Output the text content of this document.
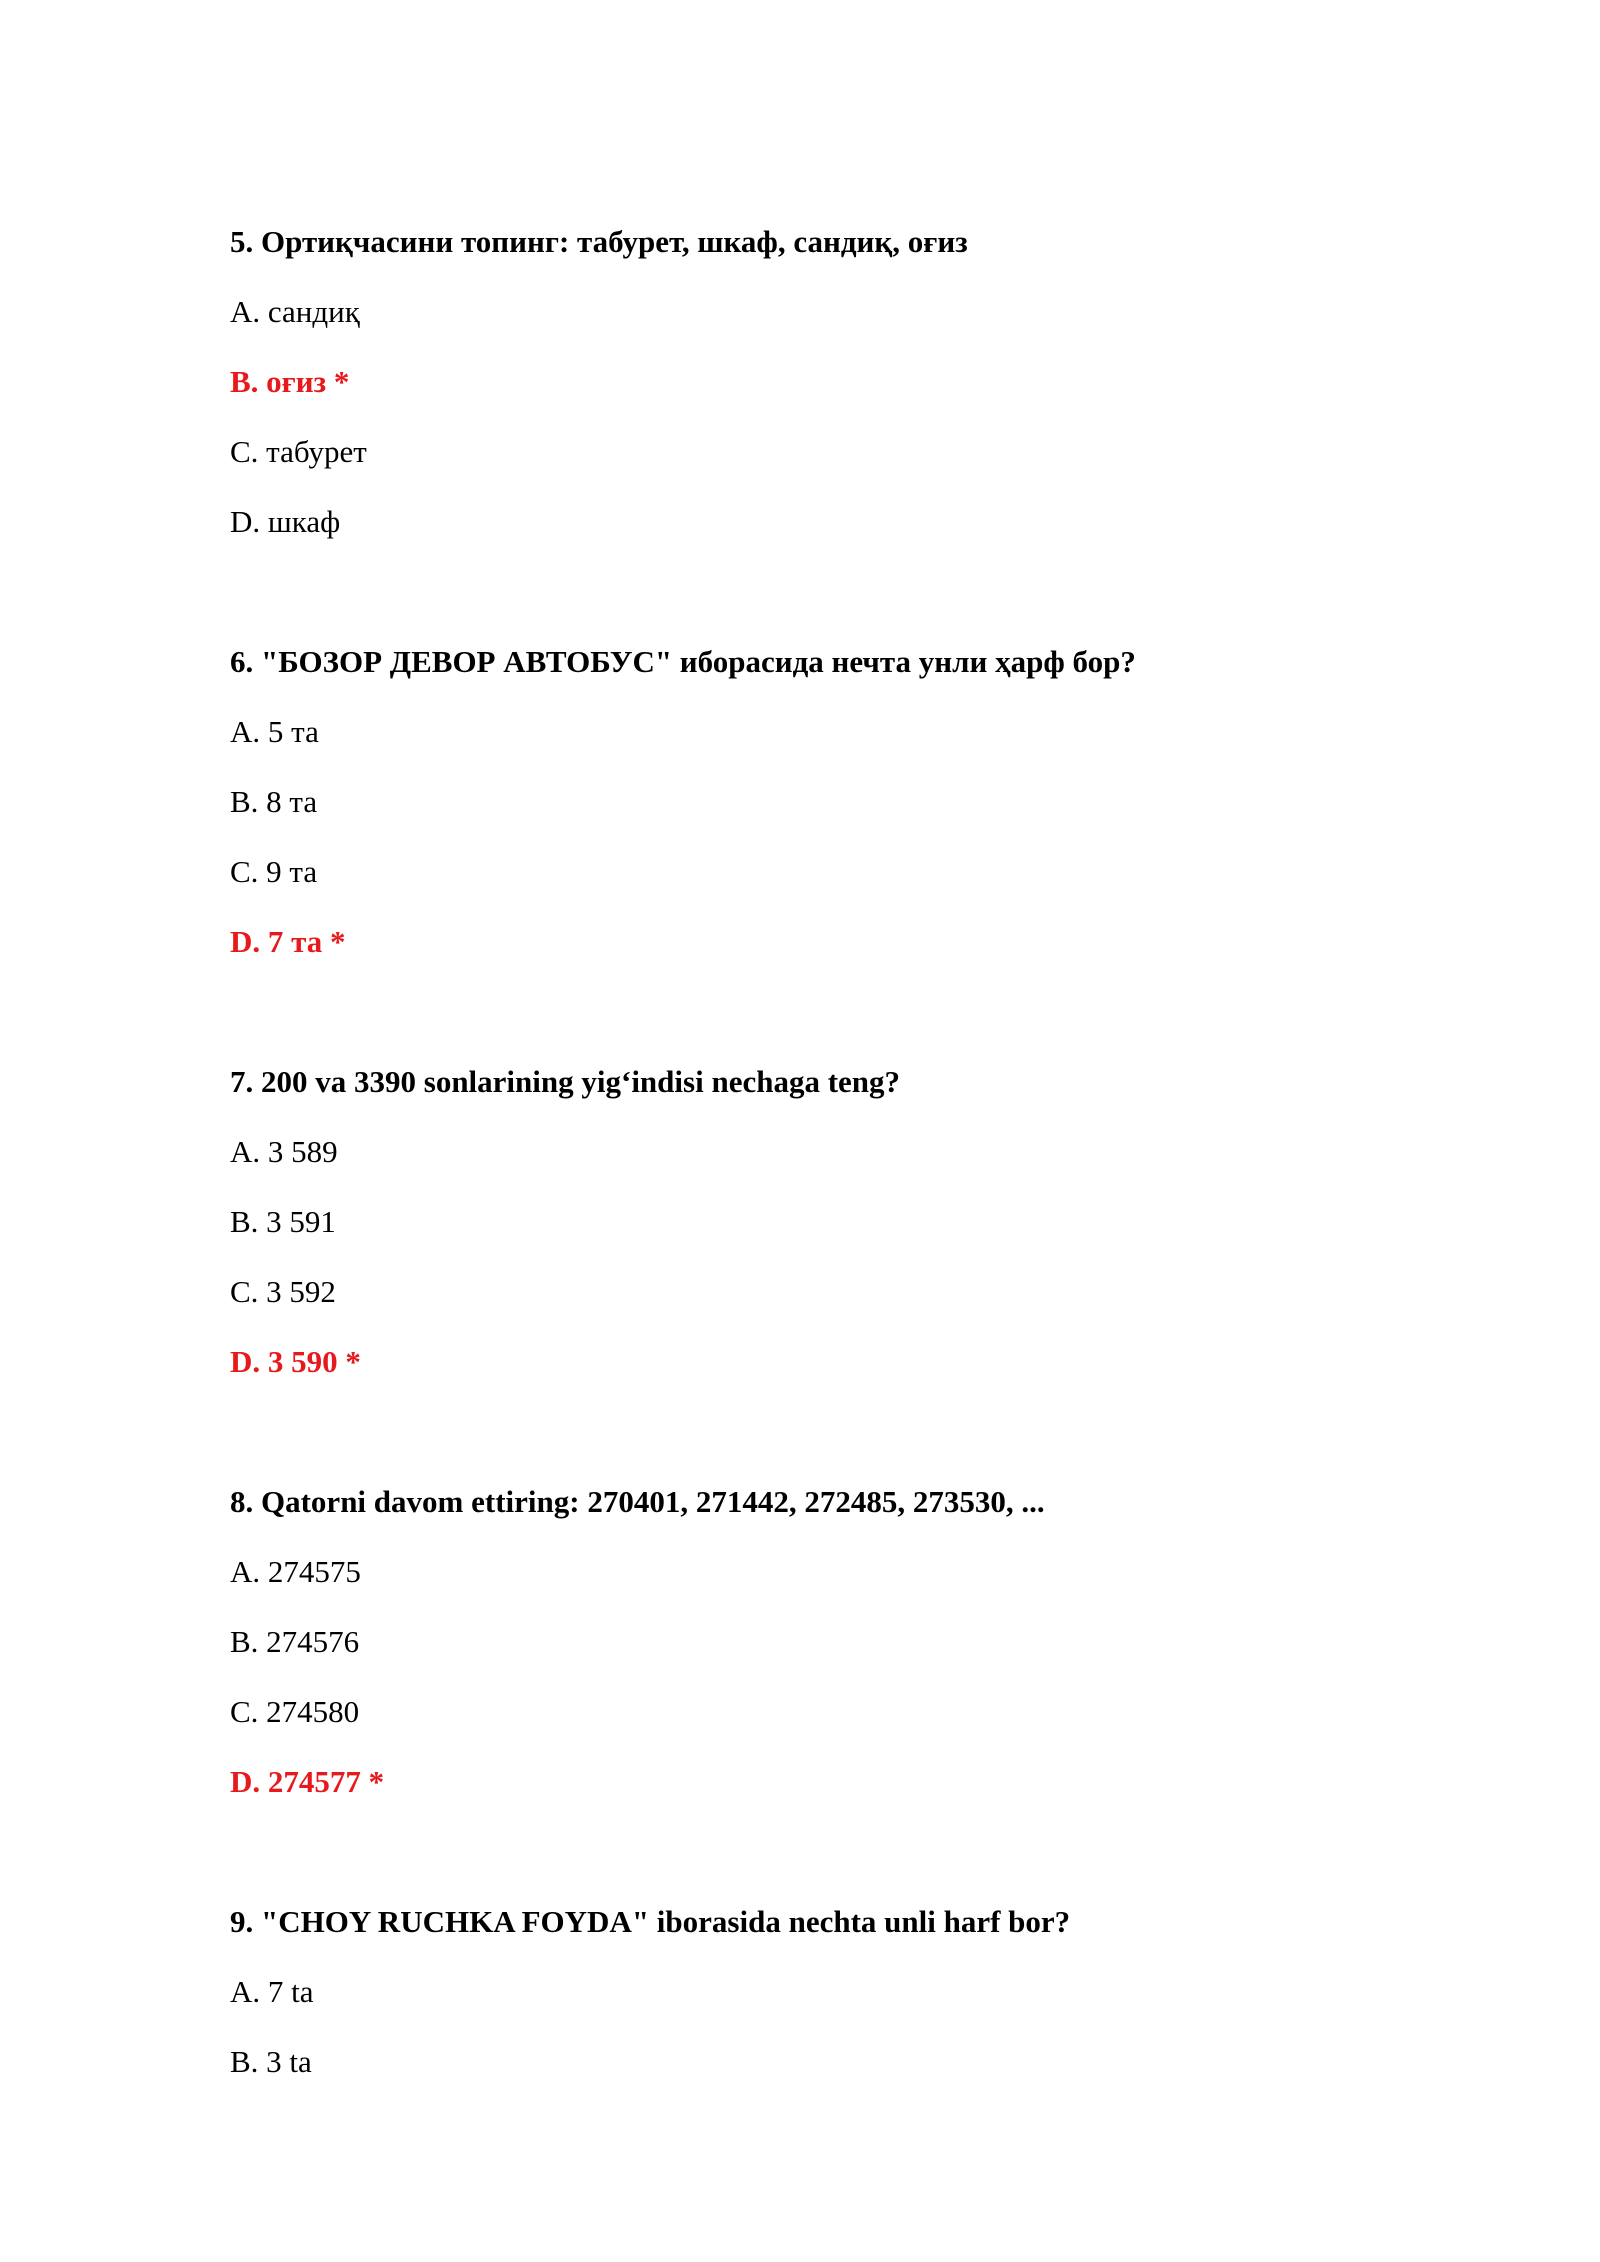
5. Ортиқчасини топинг: табурет, шкаф, сандиқ, оғиз

A. сандиқ

B. оғиз *

C. табурет

D. шкаф

6. "БОЗОР ДЕВОР АВТОБУС" иборасида нечта унли ҳарф бор?

A. 5 та

B. 8 та

C. 9 та

D. 7 та *

7. 200 va 3390 sonlarining yig‘indisi nechaga teng?

A. 3 589

B. 3 591

C. 3 592

D. 3 590 *

8. Qatorni davom ettiring: 270401, 271442, 272485, 273530, ...

A. 274575

B. 274576

C. 274580

D. 274577 *

9. "CHOY RUCHKA FOYDA" iborasida nechta unli harf bor?

A. 7 ta

B. 3 ta
